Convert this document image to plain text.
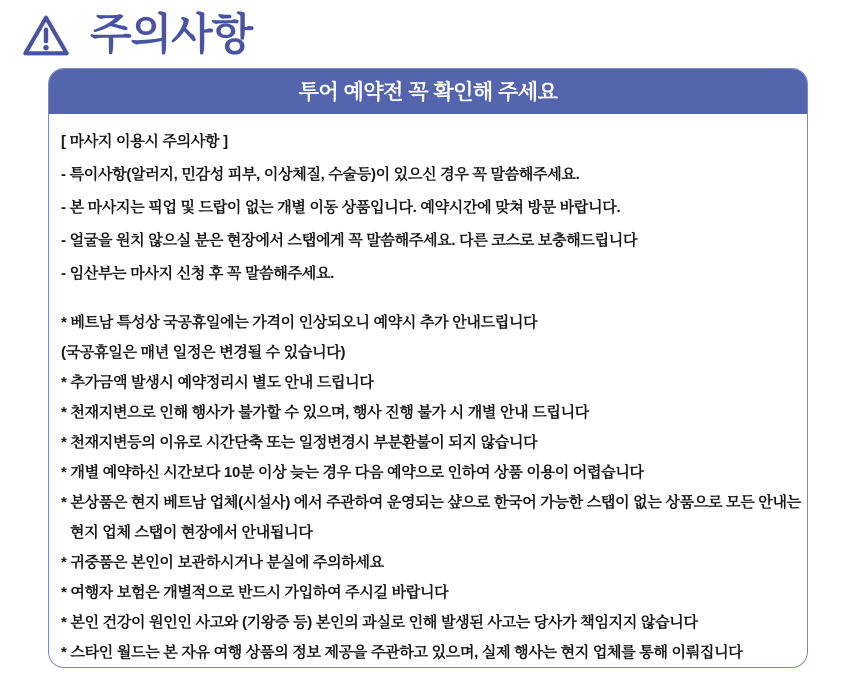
주의사항
투어 예약전 꼭 확인해 주세요
[ 마사지 이용시 주의사항 ]
- 특이사항(알러지, 민감성 피부, 이상체질, 수술등)이 있으신 경우 꼭 말씀해주세요.
- 본 마사지는 픽업 및 드랍이 없는 개별 이동 상품입니다. 예약시간에 맞쳐 방문 바랍니다.
- 얼굴을 원치 않으실 분은 현장에서 스탭에게 꼭 말씀해주세요. 다른 코스로 보충해드립니다
- 임산부는 마사지 신청 후 꼭 말씀해주세요.
* 베트남 특성상 국공휴일에는 가격이 인상되오니 예약시 추가 안내드립니다
(국공휴일은 매년 일정은 변경될 수 있습니다)
* 추가금액 발생시 예약정리시 별도 안내 드립니다
* 천재지변으로 인해 행사가 불가할 수 있으며, 행사 진행 불가 시 개별 안내 드립니다
* 천재지변등의 이유로 시간단축 또는 일정변경시 부분환불이 되지 않습니다
* 개별 예약하신 시간보다 10분 이상 늦는 경우 다음 예약으로 인하여 상품 이용이 어렵습니다
* 본상품은 현지 베트남 업체(시설사) 에서 주관하여 운영되는 샾으로 한국어 가능한 스탭이 없는 상품으로 모든 안내는
현지 업체 스탭이 현장에서 안내됩니다
* 귀중품은 본인이 보관하시거나 분실에 주의하세요
* 여행자 보험은 개별적으로 반드시 가입하여 주시길 바랍니다
* 본인 건강이 원인인 사고와 (기왕증 등) 본인의 과실로 인해 발생된 사고는 당사가 책임지지 않습니다
* 스타인 월드는 본 자유 여행 상품의 정보 제공을 주관하고 있으며, 실제 행사는 현지 업체를 통해 이뤄집니다
